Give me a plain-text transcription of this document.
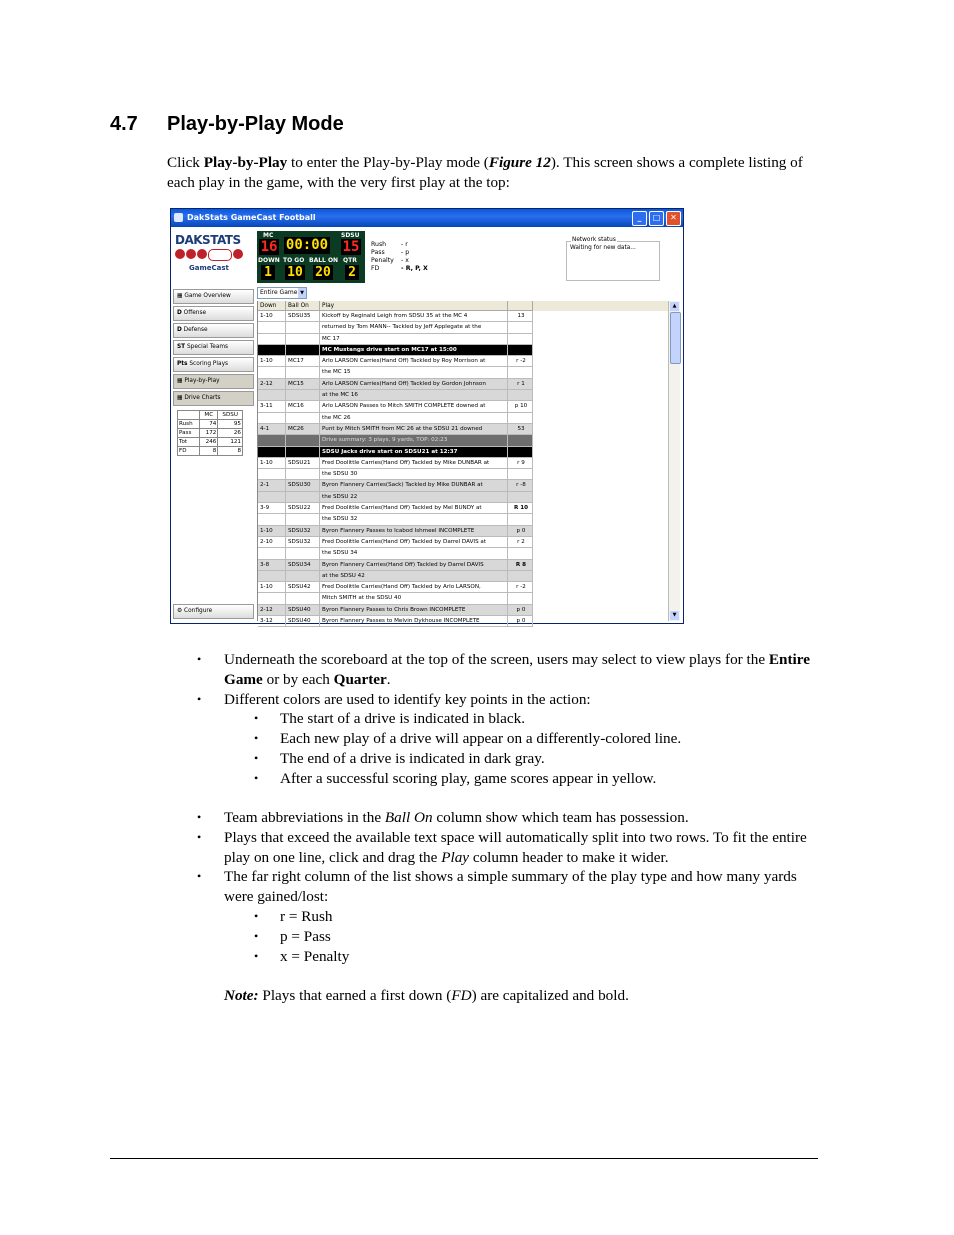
4.7 Play-by-Play Mode
Click Play-by-Play to enter the Play-by-Play mode (Figure 12). This screen shows a complete listing of each play in the game, with the very first play at the top:
DakStats GameCast Football	_	□	✕
DAKSTATS
GameCast
MC	SDSU
16 00:00 15
DOWN TO GO BALL ON QTR
1 10 20 2
Rush - r
Pass	- p
Penalty - x
FD	- R, P, X
Network status
Waiting for new data...
▦ Game Overview
D Offense
D Defense
ST Special Teams
Pts Scoring Plays
▦ Play-by-Play
▦ Drive Charts
	MC	SDSU
Rush	74	95
Pass	172	26
Tot	246	121
FD	8	8
⚙ Configure
Entire Game ▼
Down	Ball On	Play
1-10	SDSU35	Kickoff by Reginald Leigh from SDSU 35 at the MC 4	13
returned by Tom MANN-- Tackled by Jeff Applegate at the
MC 17
MC Mustangs drive start on MC17 at 15:00
1-10	MC17	Arlo LARSON Carries(Hand Off) Tackled by Roy Morrison at	r -2
the MC 15
2-12	MC15	Arlo LARSON Carries(Hand Off) Tackled by Gordon Johnson	r 1
at the MC 16
3-11	MC16	Arlo LARSON Passes to Mitch SMITH COMPLETE downed at	p 10
the MC 26
4-1	MC26	Punt by Mitch SMITH from MC 26 at the SDSU 21 downed	53
Drive summary: 3 plays, 9 yards, TOP: 02:23
SDSU Jacks drive start on SDSU21 at 12:37
1-10	SDSU21	Fred Doolittle Carries(Hand Off) Tackled by Mike DUNBAR at	r 9
the SDSU 30
2-1	SDSU30	Byron Flannery Carries(Sack) Tackled by Mike DUNBAR at	r -8
the SDSU 22
3-9	SDSU22	Fred Doolittle Carries(Hand Off) Tackled by Mel BUNDY at	R 10
the SDSU 32
1-10	SDSU32	Byron Flannery Passes to Icabod Ishmeel INCOMPLETE	p 0
2-10	SDSU32	Fred Doolittle Carries(Hand Off) Tackled by Darrel DAVIS at	r 2
the SDSU 34
3-8	SDSU34	Byron Flannery Carries(Hand Off) Tackled by Darrel DAVIS	R 8
at the SDSU 42
1-10	SDSU42	Fred Doolittle Carries(Hand Off) Tackled by Arlo LARSON,	r -2
Mitch SMITH at the SDSU 40
2-12	SDSU40	Byron Flannery Passes to Chris Brown INCOMPLETE	p 0
3-12	SDSU40	Byron Flannery Passes to Melvin Dykhouse INCOMPLETE	p 0
▲
▼
• Underneath the scoreboard at the top of the screen, users may select to view plays for the Entire Game or by each Quarter.
• Different colors are used to identify key points in the action:
• The start of a drive is indicated in black.
• Each new play of a drive will appear on a differently-colored line.
• The end of a drive is indicated in dark gray.
• After a successful scoring play, game scores appear in yellow.
• Team abbreviations in the Ball On column show which team has possession.
• Plays that exceed the available text space will automatically split into two rows. To fit the entire play on one line, click and drag the Play column header to make it wider.
• The far right column of the list shows a simple summary of the play type and how many yards were gained/lost:
• r = Rush
• p = Pass
• x = Penalty
Note: Plays that earned a first down (FD) are capitalized and bold.
